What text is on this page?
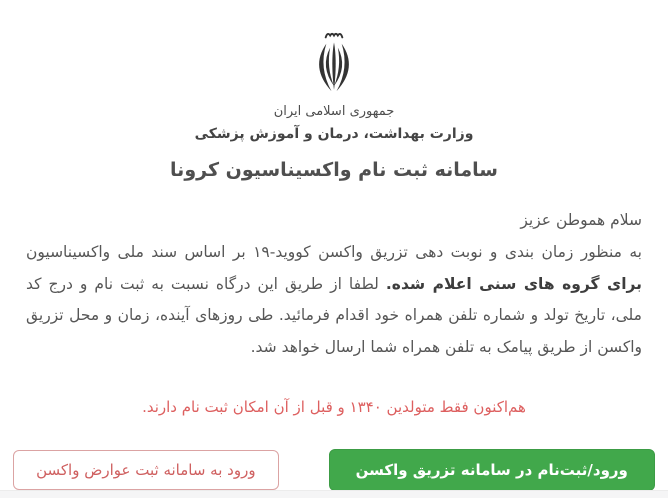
جمهوری اسلامی ایران
وزارت بهداشت، درمان و آموزش پزشکی
سامانه ثبت نام واکسیناسیون کرونا
سلام هموطن عزیز

به منظور زمان بندی و نوبت دهی تزریق واکسن کووید-۱۹ بر اساس سند ملی واکسیناسیون برای گروه های سنی اعلام شده. لطفا از طریق این درگاه نسبت به ثبت نام و درج کد ملی، تاریخ تولد و شماره تلفن همراه خود اقدام فرمائید. طی روزهای آینده، زمان و محل تزریق واکسن از طریق پیامک به تلفن همراه شما ارسال خواهد شد.

هم‌اکنون فقط متولدین ۱۳۴۰ و قبل از آن امکان ثبت نام دارند.
ورود/ثبت‌نام در سامانه تزریق واکسن
ورود به سامانه ثبت عوارض واکسن
